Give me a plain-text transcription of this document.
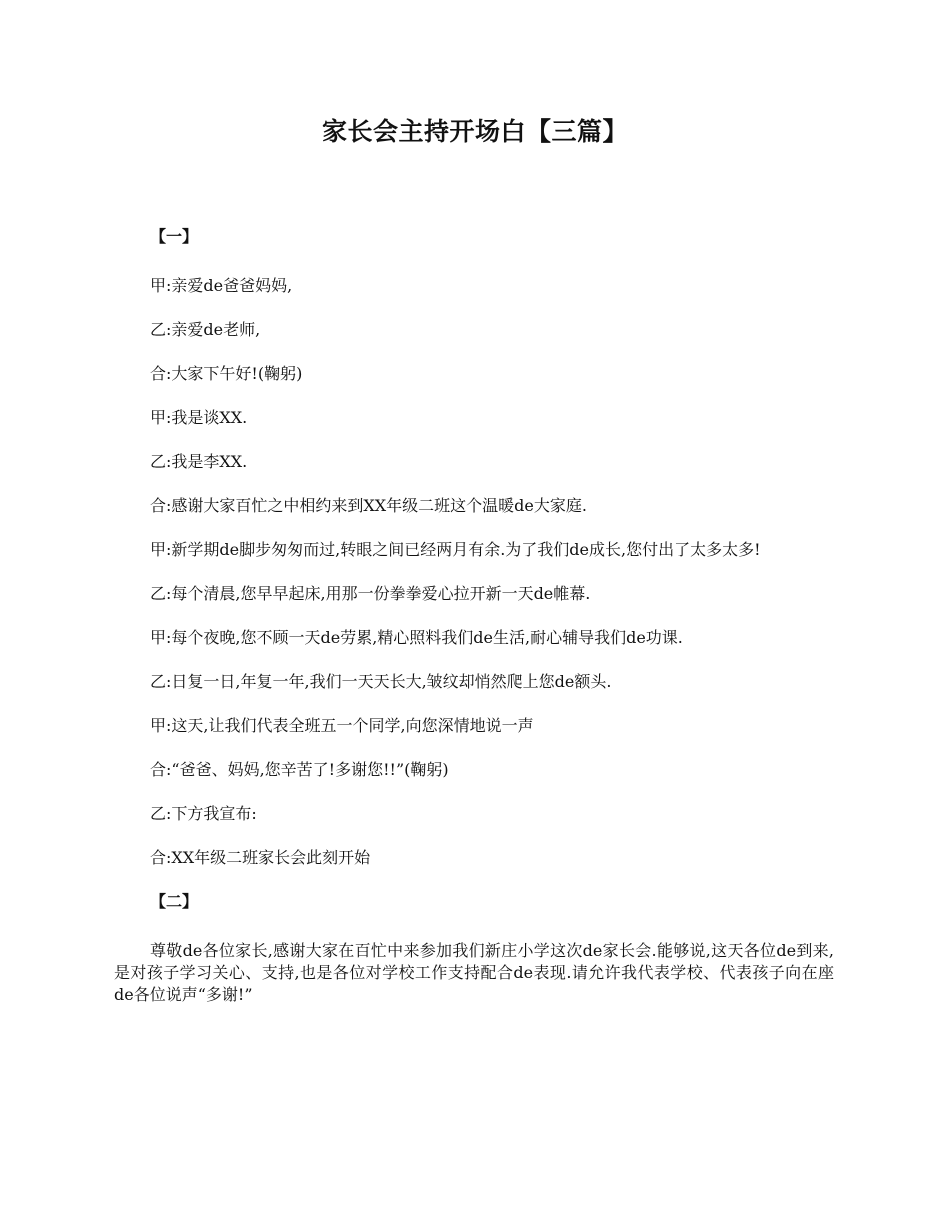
家长会主持开场白【三篇】
【一】

甲:亲爱de爸爸妈妈,

乙:亲爱de老师,

合:大家下午好!(鞠躬)

甲:我是谈XX.

乙:我是李XX.

合:感谢大家百忙之中相约来到XX年级二班这个温暖de大家庭.

甲:新学期de脚步匆匆而过,转眼之间已经两月有余.为了我们de成长,您付出了太多太多!

乙:每个清晨,您早早起床,用那一份拳拳爱心拉开新一天de帷幕.

甲:每个夜晚,您不顾一天de劳累,精心照料我们de生活,耐心辅导我们de功课.

乙:日复一日,年复一年,我们一天天长大,皱纹却悄然爬上您de额头.

甲:这天,让我们代表全班五一个同学,向您深情地说一声

合:“爸爸、妈妈,您辛苦了!多谢您!!”(鞠躬)

乙:下方我宣布:

合:XX年级二班家长会此刻开始

【二】

尊敬de各位家长,感谢大家在百忙中来参加我们新庄小学这次de家长会.能够说,这天各位de到来,是对孩子学习关心、支持,也是各位对学校工作支持配合de表现.请允许我代表学校、代表孩子向在座de各位说声“多谢!”
